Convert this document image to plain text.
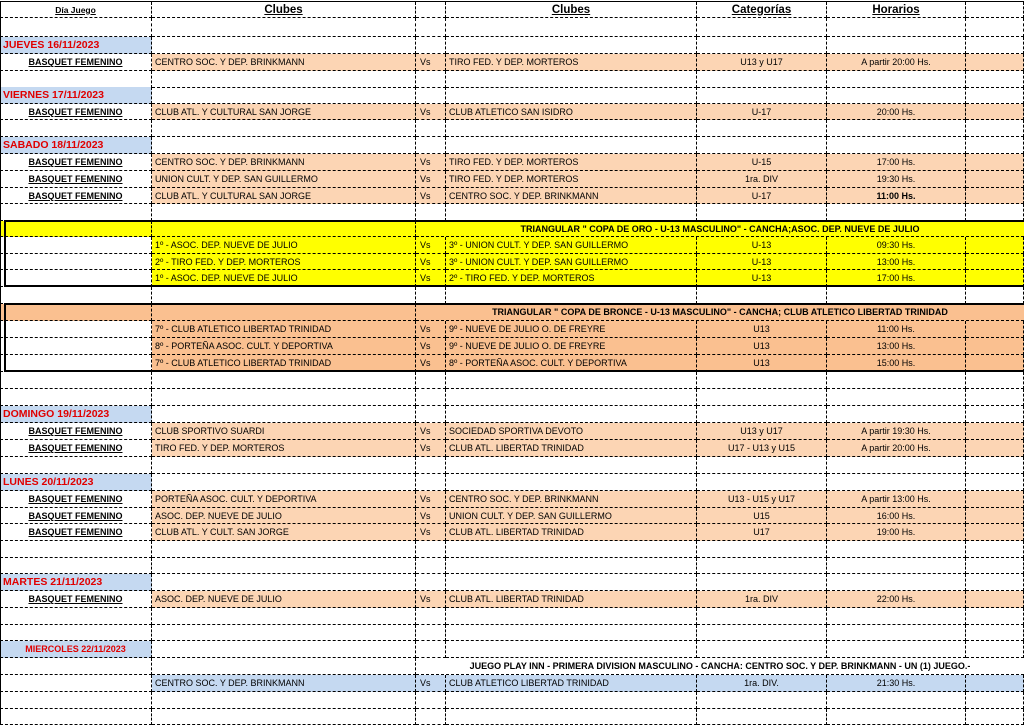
Día Juego	Clubes	Clubes	Categorías	Horarios
JUEVES 16/11/2023
BASQUET FEMENINO	CENTRO SOC. Y DEP. BRINKMANN	Vs	TIRO FED. Y DEP. MORTEROS	U13 y U17	A partir 20:00 Hs.
VIERNES 17/11/2023
BASQUET FEMENINO	CLUB ATL. Y CULTURAL SAN JORGE	Vs	CLUB ATLETICO SAN ISIDRO	U-17	20:00 Hs.
SABADO 18/11/2023
BASQUET FEMENINO	CENTRO SOC. Y DEP. BRINKMANN	Vs	TIRO FED. Y DEP. MORTEROS	U-15	17:00 Hs.
BASQUET FEMENINO	UNION CULT. Y DEP. SAN GUILLERMO	Vs	TIRO FED. Y DEP. MORTEROS	1ra. DIV	19:30 Hs.
BASQUET FEMENINO	CLUB ATL. Y CULTURAL SAN JORGE	Vs	CENTRO SOC. Y DEP. BRINKMANN	U-17	11:00 Hs.
TRIANGULAR " COPA DE ORO - U-13 MASCULINO" - CANCHA;ASOC. DEP. NUEVE DE JULIO
1º - ASOC. DEP. NUEVE DE JULIO	Vs	3º - UNION CULT. Y DEP. SAN GUILLERMO	U-13	09:30 Hs.
2º - TIRO FED. Y DEP. MORTEROS	Vs	3º - UNION CULT. Y DEP. SAN GUILLERMO	U-13	13:00 Hs.
1º - ASOC. DEP. NUEVE DE JULIO	Vs	2º - TIRO FED. Y DEP. MORTEROS	U-13	17:00 Hs.
TRIANGULAR " COPA DE BRONCE - U-13 MASCULINO" - CANCHA; CLUB ATLETICO LIBERTAD TRINIDAD
7º - CLUB ATLETICO LIBERTAD TRINIDAD	Vs	9º - NUEVE DE JULIO O. DE FREYRE	U13	11:00 Hs.
8º - PORTEÑA ASOC. CULT. Y DEPORTIVA	Vs	9º - NUEVE DE JULIO O. DE FREYRE	U13	13:00 Hs.
7º - CLUB ATLETICO LIBERTAD TRINIDAD	Vs	8º - PORTEÑA ASOC. CULT. Y DEPORTIVA	U13	15:00 Hs.
DOMINGO 19/11/2023
BASQUET FEMENINO	CLUB SPORTIVO SUARDI	Vs	SOCIEDAD SPORTIVA DEVOTO	U13 y U17	A partir 19:30 Hs.
BASQUET FEMENINO	TIRO FED. Y DEP. MORTEROS	Vs	CLUB ATL. LIBERTAD TRINIDAD	U17 - U13 y U15	A partir 20:00 Hs.
LUNES 20/11/2023
BASQUET FEMENINO	PORTEÑA ASOC. CULT. Y DEPORTIVA	Vs	CENTRO SOC. Y DEP. BRINKMANN	U13 - U15 y U17	A partir 13:00 Hs.
BASQUET FEMENINO	ASOC. DEP. NUEVE DE JULIO	Vs	UNION CULT. Y DEP. SAN GUILLERMO	U15	16:00 Hs.
BASQUET FEMENINO	CLUB ATL. Y CULT. SAN JORGE	Vs	CLUB ATL. LIBERTAD TRINIDAD	U17	19:00 Hs.
MARTES 21/11/2023
BASQUET FEMENINO	ASOC. DEP. NUEVE DE JULIO	Vs	CLUB ATL. LIBERTAD TRINIDAD	1ra. DIV	22:00 Hs.
MIERCOLES 22/11/2023
JUEGO PLAY INN - PRIMERA DIVISION MASCULINO - CANCHA: CENTRO SOC. Y DEP. BRINKMANN - UN (1) JUEGO.-
CENTRO SOC. Y DEP. BRINKMANN	Vs	CLUB ATLETICO LIBERTAD TRINIDAD	1ra. DIV.	21:30 Hs.
